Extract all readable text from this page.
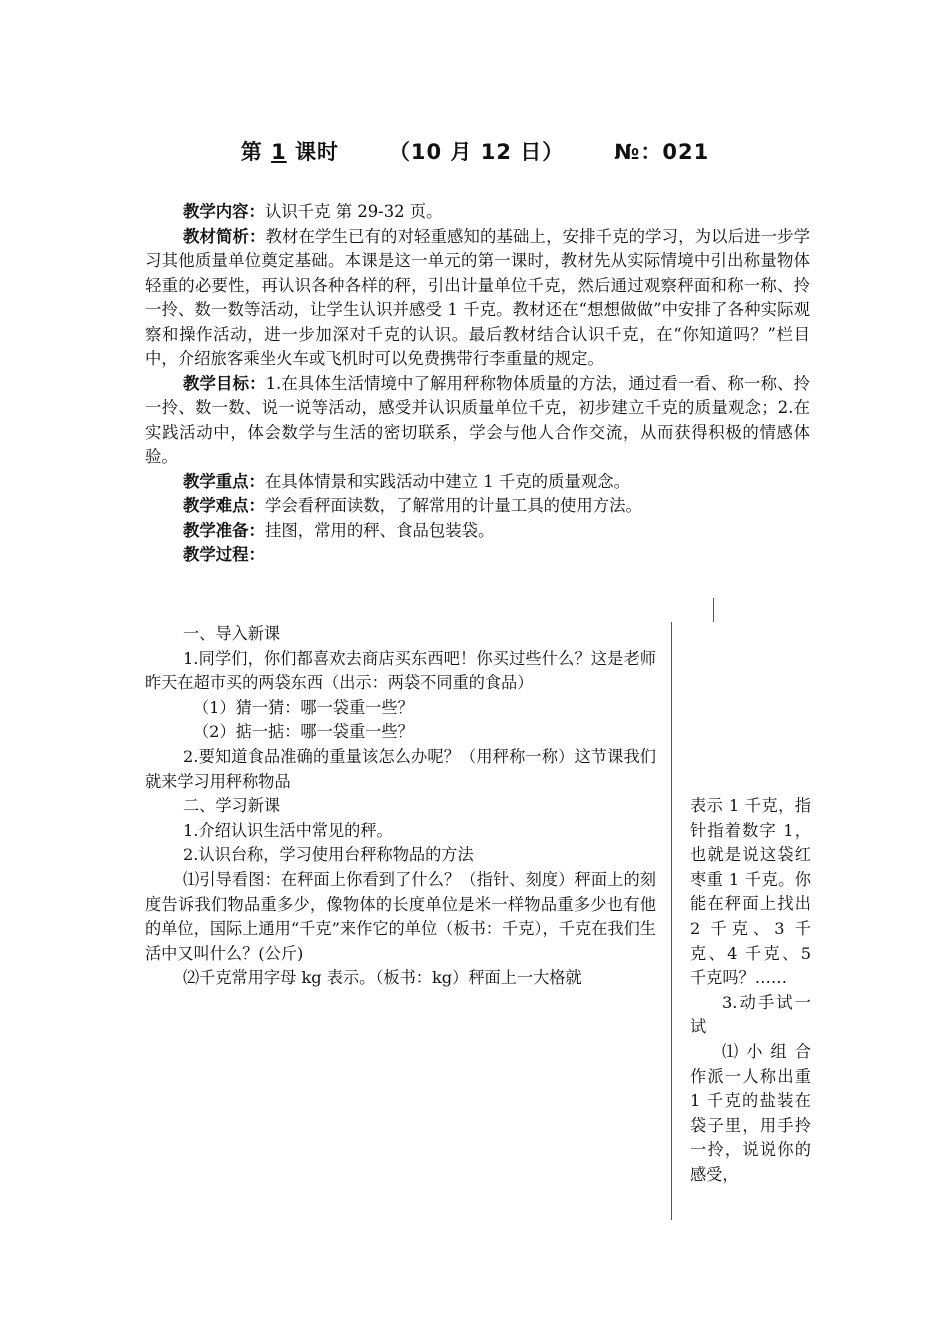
第 1 课时      （10 月 12 日）      №：021

教学内容：认识千克 第 29-32 页。

教材简析：教材在学生已有的对轻重感知的基础上，安排千克的学习，为以后进一步学习其他质量单位奠定基础。本课是这一单元的第一课时，教材先从实际情境中引出称量物体轻重的必要性，再认识各种各样的秤，引出计量单位千克，然后通过观察秤面和称一称、拎一拎、数一数等活动，让学生认识并感受 1 千克。教材还在“想想做做”中安排了各种实际观察和操作活动，进一步加深对千克的认识。最后教材结合认识千克，在“你知道吗？”栏目中，介绍旅客乘坐火车或飞机时可以免费携带行李重量的规定。

教学目标：1.在具体生活情境中了解用秤称物体质量的方法，通过看一看、称一称、拎一拎、数一数、说一说等活动，感受并认识质量单位千克，初步建立千克的质量观念；2.在实践活动中，体会数学与生活的密切联系，学会与他人合作交流，从而获得积极的情感体验。

教学重点：在具体情景和实践活动中建立 1 千克的质量观念。

教学难点：学会看秤面读数，了解常用的计量工具的使用方法。

教学准备：挂图，常用的秤、食品包装袋。

教学过程：

一、导入新课

1.同学们，你们都喜欢去商店买东西吧！你买过些什么？这是老师昨天在超市买的两袋东西（出示：两袋不同重的食品）

（1）猜一猜：哪一袋重一些？

（2）掂一掂：哪一袋重一些？

2.要知道食品准确的重量该怎么办呢？（用秤称一称）这节课我们就来学习用秤称物品

二、学习新课

1.介绍认识生活中常见的秤。

2.认识台称，学习使用台秤称物品的方法

⑴引导看图：在秤面上你看到了什么？（指针、刻度）秤面上的刻度告诉我们物品重多少，像物体的长度单位是米一样物品重多少也有他的单位，国际上通用“千克”来作它的单位（板书：千克），千克在我们生活中又叫什么？(公斤)

⑵千克常用字母 kg 表示。（板书：kg）秤面上一大格就

表示 1 千克，指针指着数字 1，也就是说这袋红枣重 1 千克。你能在秤面上找出 2 千克、3 千克、4 千克、5 千克吗？……

3.动手试一试

⑴ 小 组 合作派一人称出重 1 千克的盐装在袋子里，用手拎一拎，说说你的感受，
